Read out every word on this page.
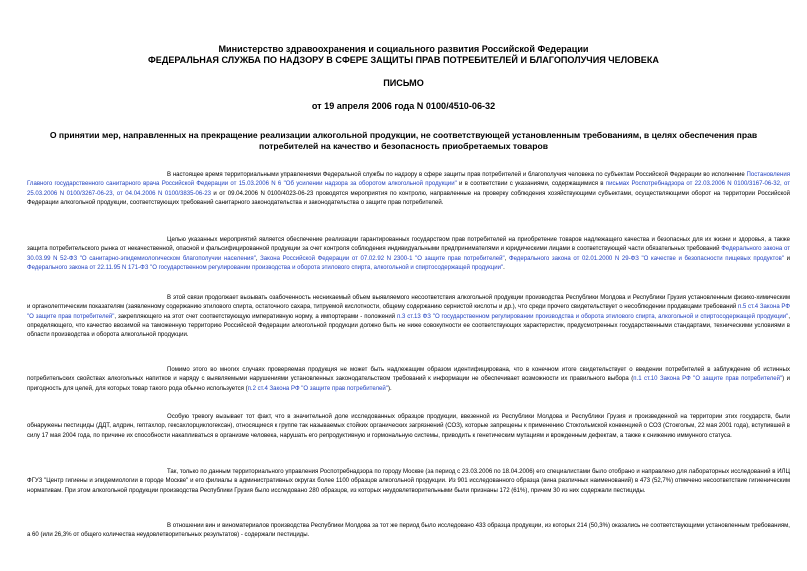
Министерство здравоохранения и социального развития Российской Федерации
ФЕДЕРАЛЬНАЯ СЛУЖБА ПО НАДЗОРУ В СФЕРЕ ЗАЩИТЫ ПРАВ ПОТРЕБИТЕЛЕЙ И БЛАГОПОЛУЧИЯ ЧЕЛОВЕКА
ПИСЬМО
от 19 апреля 2006 года N 0100/4510-06-32
О принятии мер, направленных на прекращение реализации алкогольной продукции, не соответствующей установленным требованиям, в целях обеспечения прав
потребителей на качество и безопасность приобретаемых товаров

В настоящее время территориальными управлениями Федеральной службы по надзору в сфере защиты прав потребителей и благополучия человека по субъектам Российской Федерации во исполнение Постановления Главного государственного санитарного врача Российской Федерации от 15.03.2006 N 6 "Об усилении надзора за оборотом алкогольной продукции" и в соответствии с указаниями, содержащимися в письмах Роспотребнадзора от 22.03.2006 N 0100/3167-06-32, от 25.03.2006 N 0100/3267-06-23, от 04.04.2006 N 0100/3835-06-23 и от 09.04.2006 N 0100/4023-06-23 проводятся мероприятия по контролю, направленные на проверку соблюдения хозяйствующими субъектами, осуществляющими оборот на территории Российской Федерации алкогольной продукции, соответствующих требований санитарного законодательства и законодательства о защите прав потребителей.

Целью указанных мероприятий является обеспечение реализации гарантированных государством прав потребителей на приобретение товаров надлежащего качества и безопасных для их жизни и здоровья, а также защита потребительского рынка от некачественной, опасной и фальсифицированной продукции за счет контроля соблюдения индивидуальными предпринимателями и юридическими лицами в соответствующей части обязательных требований Федерального закона от 30.03.99 N 52-ФЗ "О санитарно-эпидемиологическом благополучии населения", Закона Российской Федерации от 07.02.92 N 2300-1 "О защите прав потребителей", Федерального закона от 02.01.2000 N 29-ФЗ "О качестве и безопасности пищевых продуктов" и Федерального закона от 22.11.95 N 171-ФЗ "О государственном регулировании производства и оборота этилового спирта, алкогольной и спиртосодержащей продукции".

В этой связи продолжает вызывать озабоченность несникаемый объем выявляемого несоответствия алкогольной продукции производства Республики Молдова и Республики Грузия установленным физико-химическим и органолептическим показателям (заявленному содержанию этилового спирта, остаточного сахара, титруемой кислотности, общему содержанию сернистой кислоты и др.), что среди прочего свидетельствует о несоблюдении продавцами требований п.5 ст.4 Закона РФ "О защите прав потребителей", закрепляющего на этот счет соответствующую императивную норму, а импортерами - положений п.3 ст.13 ФЗ "О государственном регулировании производства и оборота этилового спирта, алкогольной и спиртосодержащей продукции", определяющего, что качество ввозимой на таможенную территорию Российской Федерации алкогольной продукции должно быть не ниже совокупности ее соответствующих характеристик, предусмотренных государственными стандартами, техническими условиями в области производства и оборота алкогольной продукции.

Помимо этого во многих случаях проверяемая продукция не может быть надлежащим образом идентифицирована, что в конечном итоге свидетельствует о введении потребителей в заблуждение об истинных потребительских свойствах алкогольных напитков и наряду с выявляемыми нарушениями установленных законодательством требований к информации не обеспечивает возможности их правильного выбора (п.1 ст.10 Закона РФ "О защите прав потребителей") и пригодность для целей, для которых товар такого рода обычно используется (п.2 ст.4 Закона РФ "О защите прав потребителей").

Особую тревогу вызывает тот факт, что в значительной доле исследованных образцов продукции, ввезенной из Республики Молдова и Республики Грузия и произведенной на территории этих государств, были обнаружены пестициды (ДДТ, алдрин, гептахлор, гексахлорциклогексан), относящиеся к группе так называемых стойких органических загрязнений (СОЗ), которые запрещены к применению Стокгольмской конвенцией о СОЗ (Стокгольм, 22 мая 2001 года), вступившей в силу 17 мая 2004 года, по причине их способности накапливаться в организме человека, нарушать его репродуктивную и гормональную системы, приводить к генетическим мутациям и врожденным дефектам, а также к снижению иммунного статуса.

Так, только по данным территориального управления Роспотребнадзора по городу Москве (за период с 23.03.2006 по 18.04.2006) его специалистами было отобрано и направлено для лабораторных исследований в ИЛЦ ФГУЗ "Центр гигиены и эпидемиологии в городе Москве" и его филиалы в административных округах более 1100 образцов алкогольной продукции. Из 901 исследованного образца (вина различных наименований) в 473 (52,7%) отмечено несоответствие гигиеническим нормативам. При этом алкогольной продукции производства Республики Грузия было исследовано 280 образцов, из которых неудовлетворительными были признаны 172 (61%), причем 30 из них содержали пестициды.

В отношении вин и виноматериалов производства Республики Молдова за тот же период было исследовано 433 образца продукции, из которых 214 (50,3%) оказались не соответствующими установленным требованиям, а 60 (или 26,3% от общего количества неудовлетворительных результатов) - содержали пестициды.
